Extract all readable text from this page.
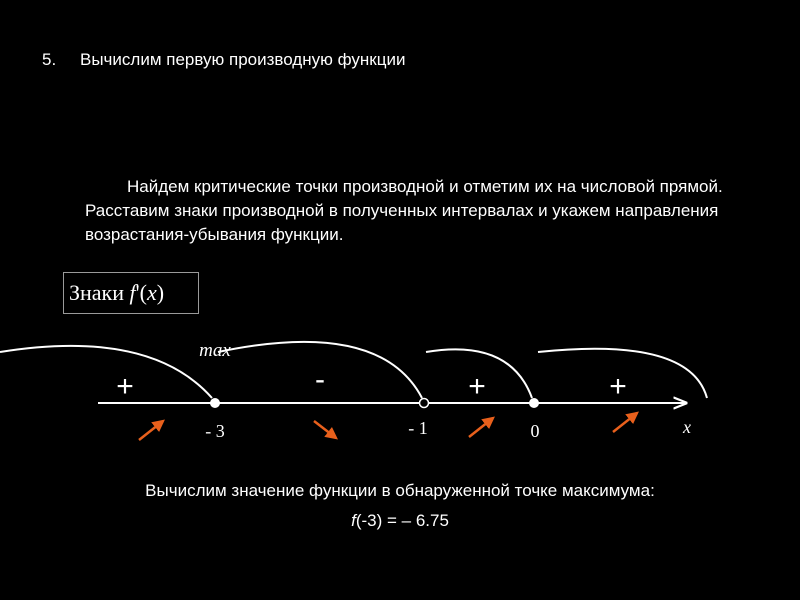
5.	Вычислим первую производную функции
Найдем критические точки производной и отметим их на числовой прямой. Расставим знаки производной в полученных интервалах и укажем направления возрастания-убывания функции.
Знаки
f ' ( x )
+	-	+	+
max
- 3	- 1	0	x
Вычислим значение функции в обнаруженной точке максимума:
f(-3) = – 6.75
